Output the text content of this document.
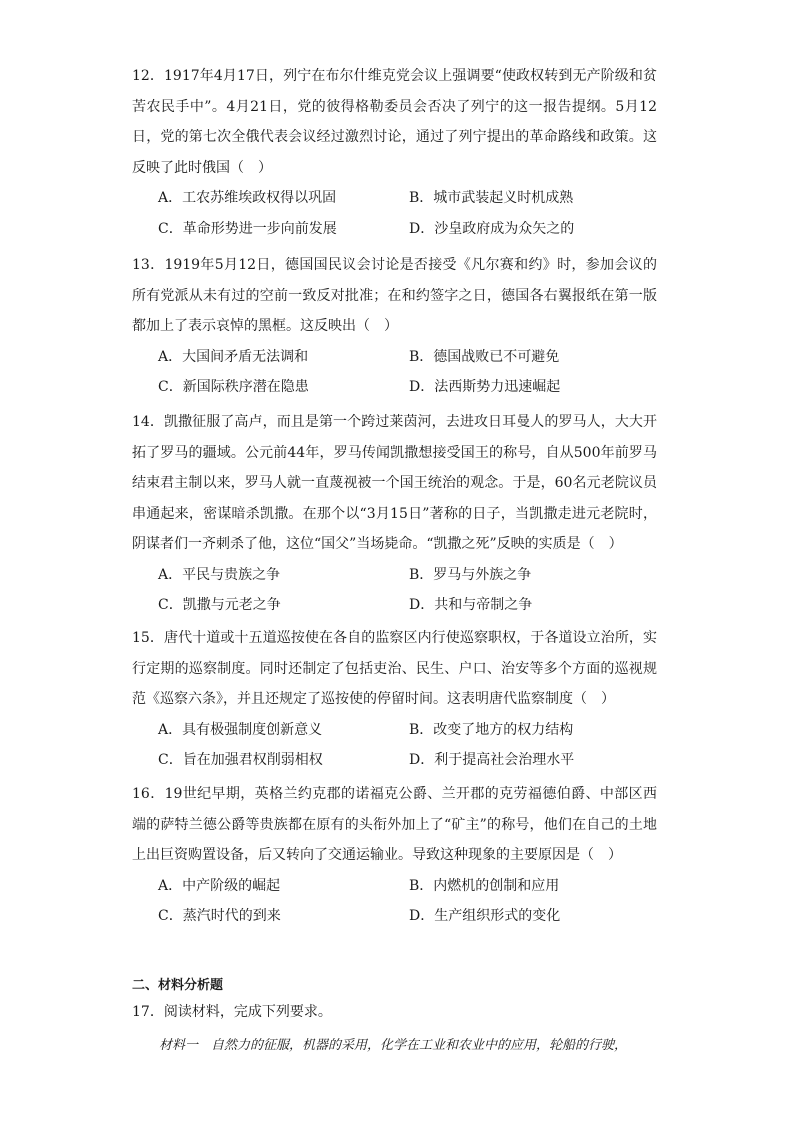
12．1917年4月17日，列宁在布尔什维克党会议上强调要“使政权转到无产阶级和贫苦农民手中”。4月21日，党的彼得格勒委员会否决了列宁的这一报告提纲。5月12日，党的第七次全俄代表会议经过激烈讨论，通过了列宁提出的革命路线和政策。这反映了此时俄国（　）

A．工农苏维埃政权得以巩固	B．城市武装起义时机成熟
C．革命形势进一步向前发展	D．沙皇政府成为众矢之的

13．1919年5月12日，德国国民议会讨论是否接受《凡尔赛和约》时，参加会议的所有党派从未有过的空前一致反对批准；在和约签字之日，德国各右翼报纸在第一版都加上了表示哀悼的黑框。这反映出（　）

A．大国间矛盾无法调和	B．德国战败已不可避免
C．新国际秩序潜在隐患	D．法西斯势力迅速崛起

14．凯撒征服了高卢，而且是第一个跨过莱茵河，去进攻日耳曼人的罗马人，大大开拓了罗马的疆域。公元前44年，罗马传闻凯撒想接受国王的称号，自从500年前罗马结束君主制以来，罗马人就一直蔑视被一个国王统治的观念。于是，60名元老院议员串通起来，密谋暗杀凯撒。在那个以“3月15日”著称的日子，当凯撒走进元老院时，阴谋者们一齐刺杀了他，这位“国父”当场毙命。“凯撒之死”反映的实质是（　）

A．平民与贵族之争	B．罗马与外族之争
C．凯撒与元老之争	D．共和与帝制之争

15．唐代十道或十五道巡按使在各自的监察区内行使巡察职权，于各道设立治所，实行定期的巡察制度。同时还制定了包括吏治、民生、户口、治安等多个方面的巡视规范《巡察六条》，并且还规定了巡按使的停留时间。这表明唐代监察制度（　）

A．具有极强制度创新意义	B．改变了地方的权力结构
C．旨在加强君权削弱相权	D．利于提高社会治理水平

16．19世纪早期，英格兰约克郡的诺福克公爵、兰开郡的克劳福德伯爵、中部区西端的萨特兰德公爵等贵族都在原有的头衔外加上了“矿主”的称号，他们在自己的土地上出巨资购置设备，后又转向了交通运输业。导致这种现象的主要原因是（　）

A．中产阶级的崛起	B．内燃机的创制和应用
C．蒸汽时代的到来	D．生产组织形式的变化
二、材料分析题
17．阅读材料，完成下列要求。
材料一　自然力的征服，机器的采用，化学在工业和农业中的应用，轮船的行驶，
